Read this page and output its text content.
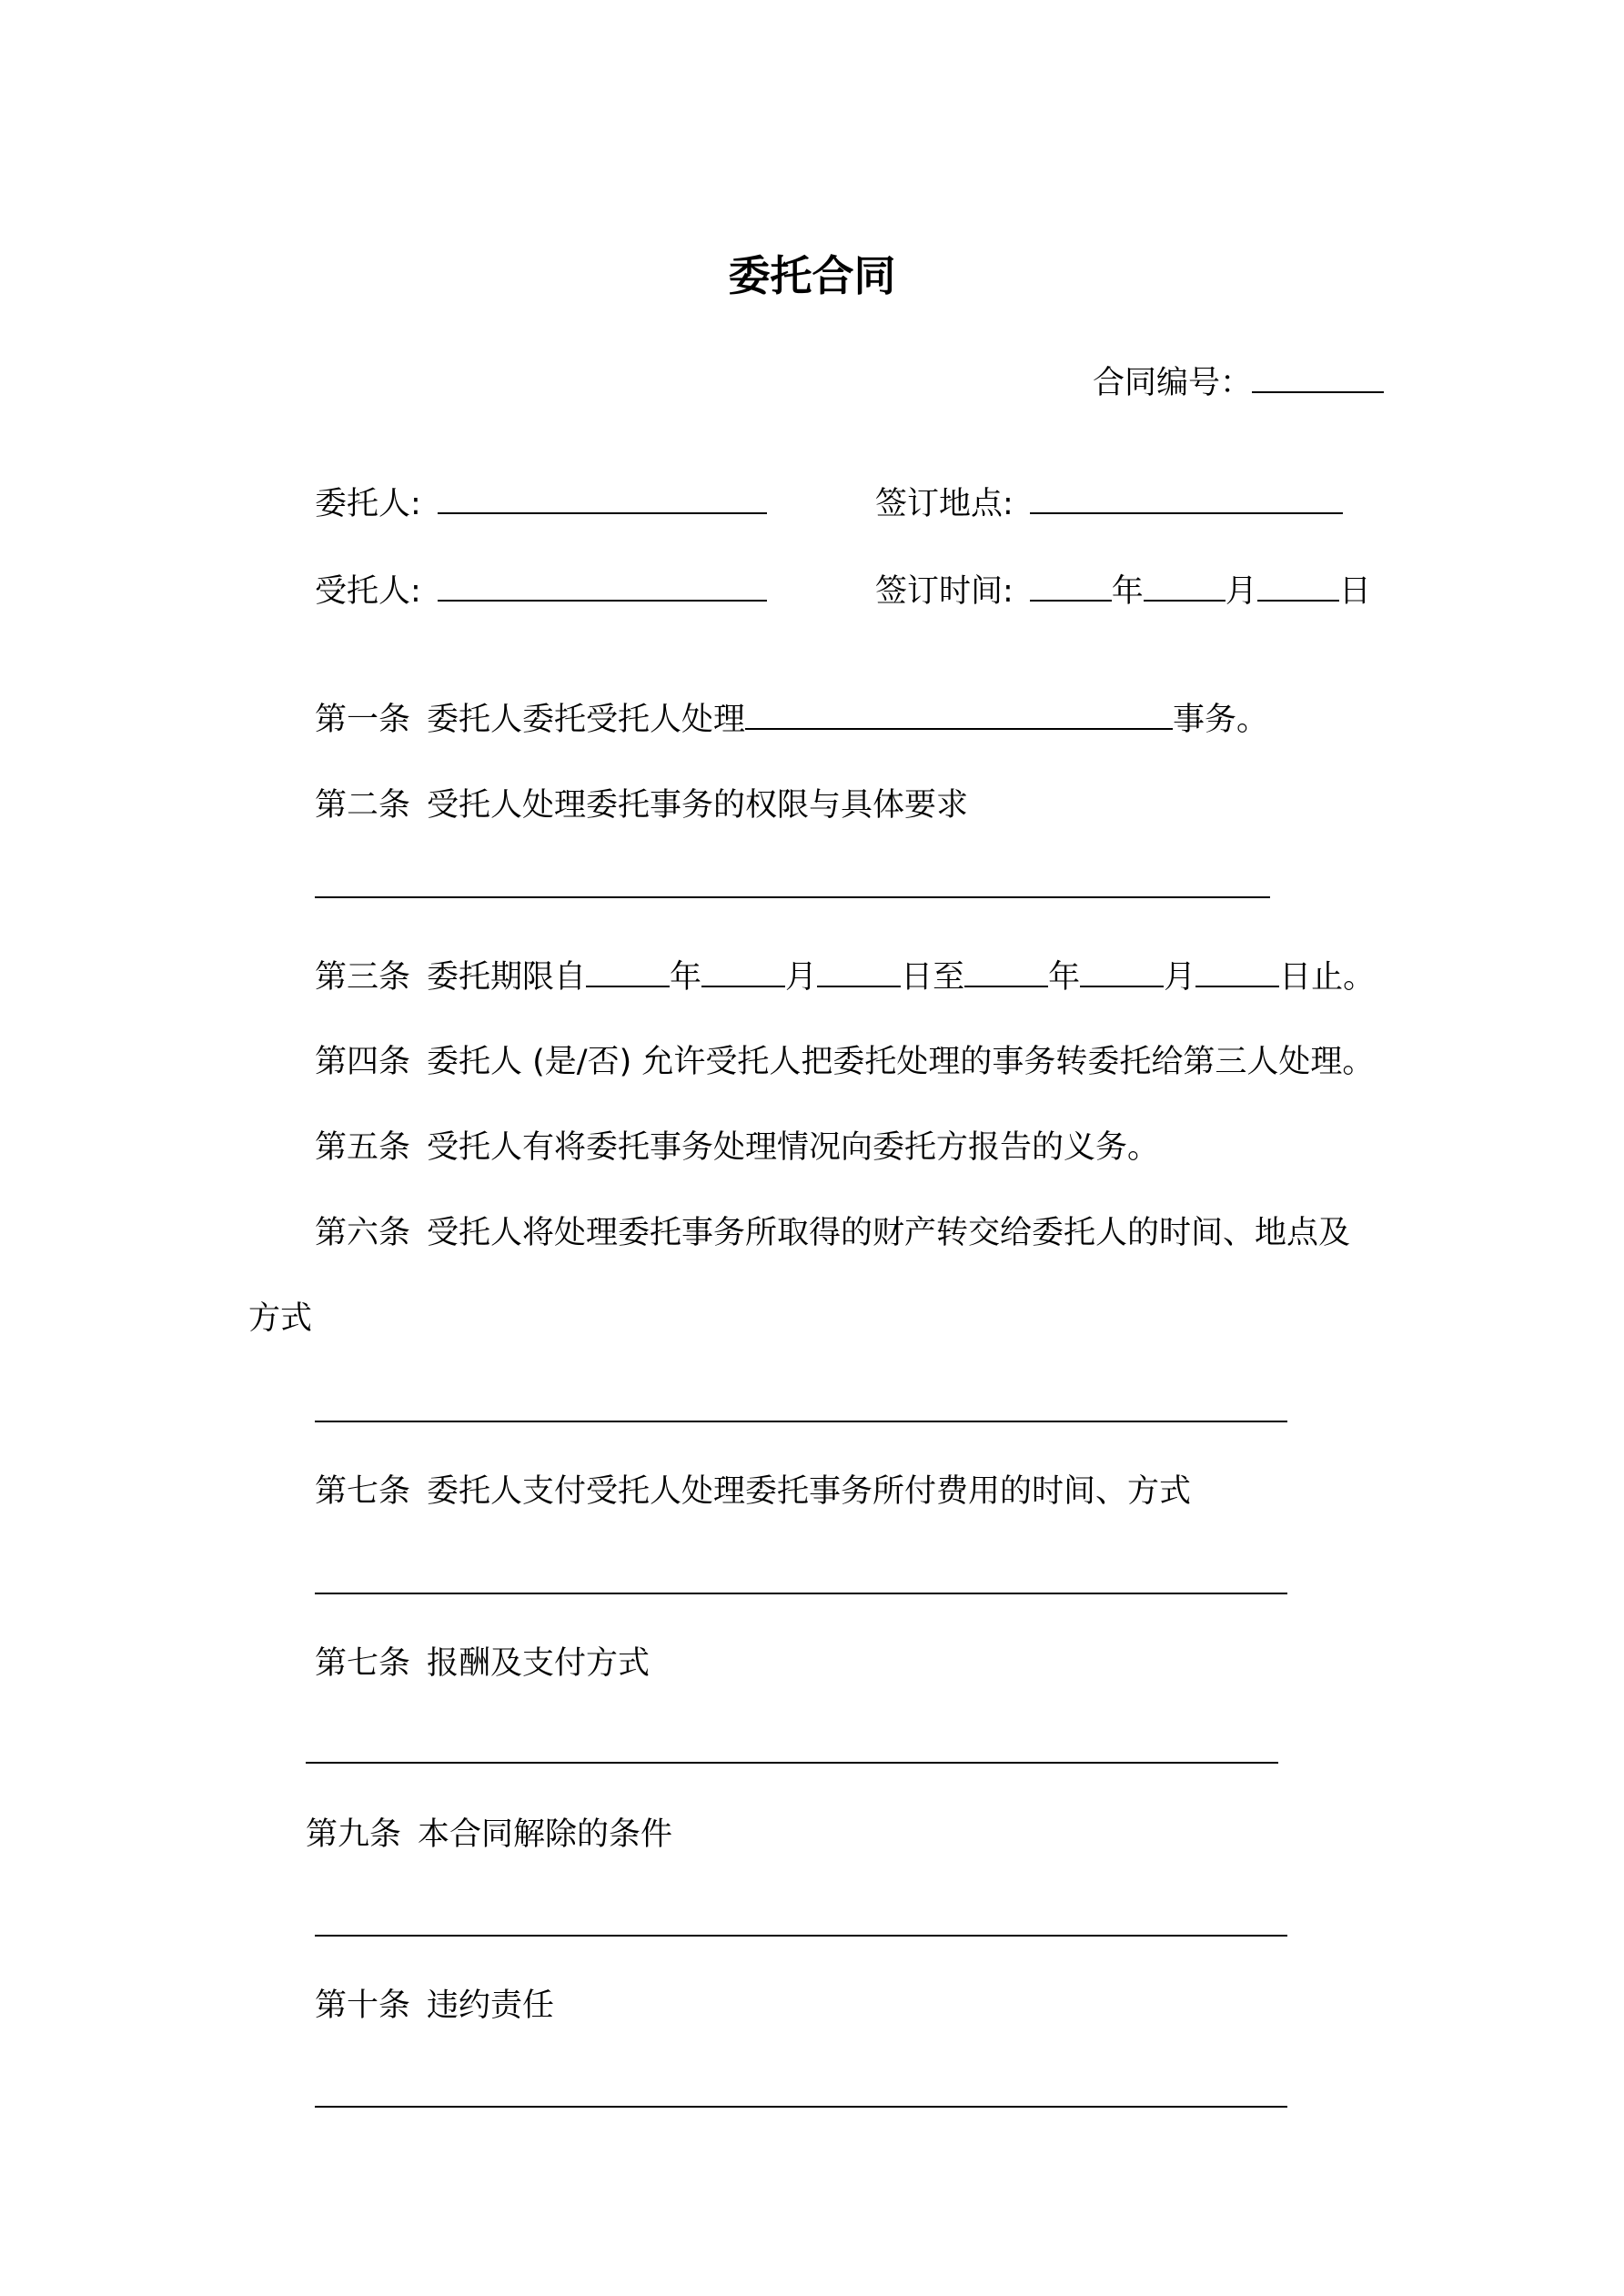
委托合同
合同编号：
委托人:	签订地点:
受托人:	签订时间:	年	月	日
第一条 委托人委托受托人处理	事务。
第二条 受托人处理委托事务的权限与具体要求
第三条 委托期限自	年	月	日至	年	月	日止。
第四条 委托人 (是/否) 允许受托人把委托处理的事务转委托给第三人处理。
第五条 受托人有将委托事务处理情况向委托方报告的义务。
第六条 受托人将处理委托事务所取得的财产转交给委托人的时间、地点及
方式
第七条 委托人支付受托人处理委托事务所付费用的时间、方式
第七条 报酬及支付方式
第九条 本合同解除的条件
第十条 违约责任
